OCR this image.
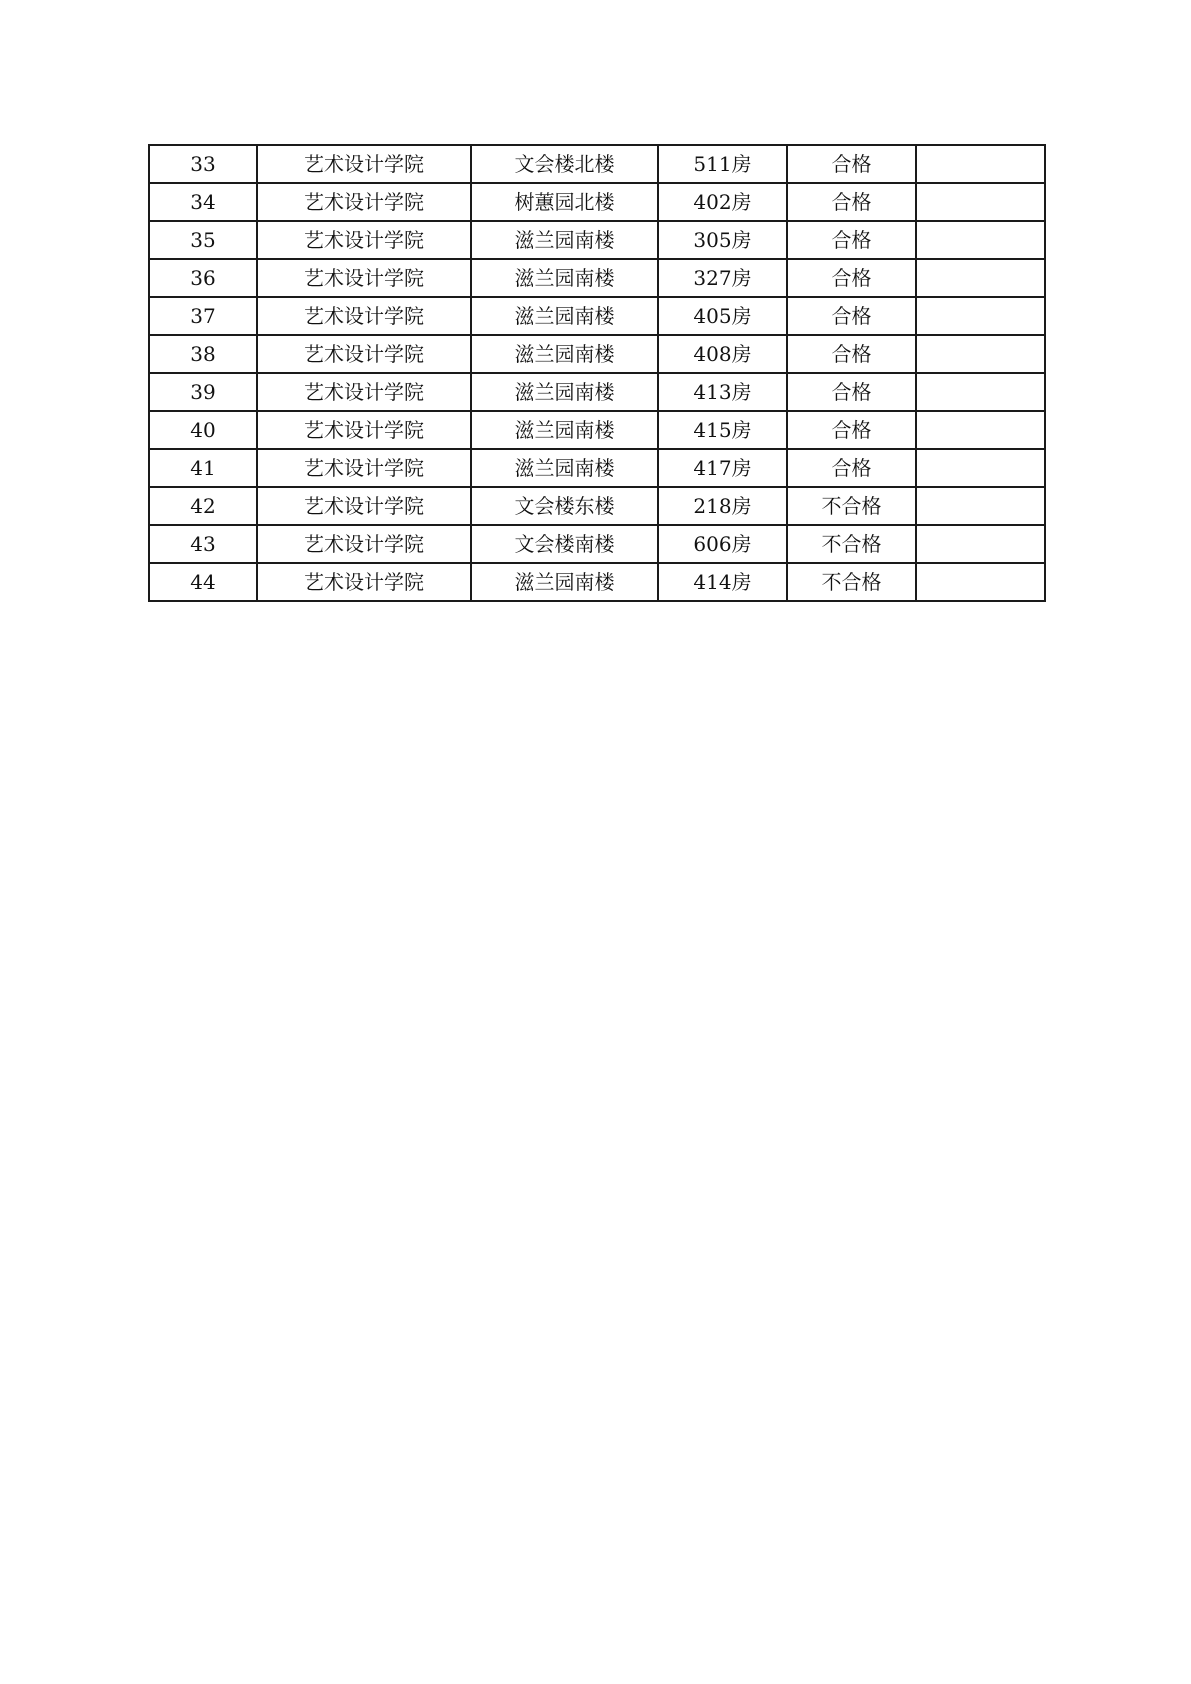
33	艺术设计学院	文会楼北楼	511房	合格	
34	艺术设计学院	树蕙园北楼	402房	合格	
35	艺术设计学院	滋兰园南楼	305房	合格	
36	艺术设计学院	滋兰园南楼	327房	合格	
37	艺术设计学院	滋兰园南楼	405房	合格	
38	艺术设计学院	滋兰园南楼	408房	合格	
39	艺术设计学院	滋兰园南楼	413房	合格	
40	艺术设计学院	滋兰园南楼	415房	合格	
41	艺术设计学院	滋兰园南楼	417房	合格	
42	艺术设计学院	文会楼东楼	218房	不合格	
43	艺术设计学院	文会楼南楼	606房	不合格	
44	艺术设计学院	滋兰园南楼	414房	不合格	
